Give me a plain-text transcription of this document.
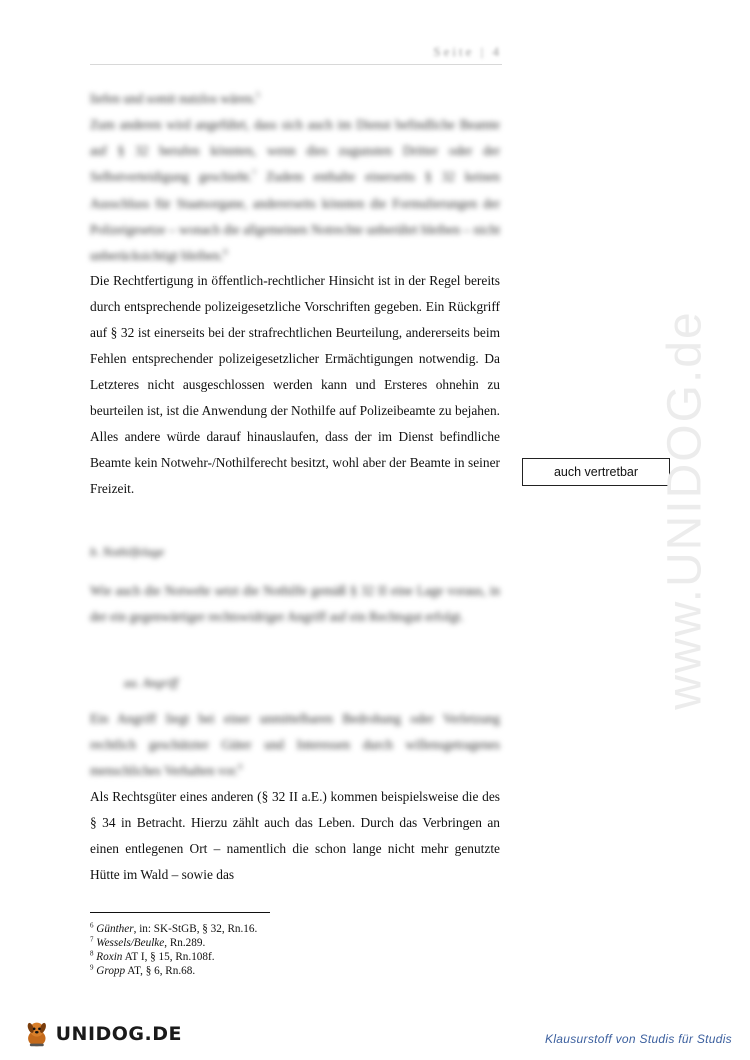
Seite | 4
liefen und somit nutzlos wären.$^5$
Zum anderen wird angeführt, dass sich auch im Dienst befindliche Beamte auf § 32 berufen könnten, wenn dies zugunsten Dritter oder der Selbstverteidigung geschieht.$^7$ Zudem enthalte einerseits § 32 keinen Ausschluss für Staatsorgane, andererseits könnten die Formulierungen der Polizeigesetze – wonach die allgemeinen Notrechte unberührt bleiben – nicht unberücksichtigt bleiben.$^8$
Die Rechtfertigung in öffentlich-rechtlicher Hinsicht ist in der Regel bereits durch entsprechende polizeigesetzliche Vorschriften gegeben. Ein Rückgriff auf § 32 ist einerseits bei der strafrechtlichen Beurteilung, andererseits beim Fehlen entsprechender polizeigesetzlicher Ermächtigungen notwendig. Da Letzteres nicht ausgeschlossen werden kann und Ersteres ohnehin zu beurteilen ist, ist die Anwendung der Nothilfe auf Polizeibeamte zu bejahen. Alles andere würde darauf hinauslaufen, dass der im Dienst befindliche Beamte kein Notwehr-/Nothilferecht besitzt, wohl aber der Beamte in seiner Freizeit.
auch vertretbar
b. Nothilfelage
Wie auch die Notwehr setzt die Nothilfe gemäß § 32 II eine Lage voraus, in der ein gegenwärtiger rechtswidriger Angriff auf ein Rechtsgut erfolgt.
aa. Angriff
Ein Angriff liegt bei einer unmittelbaren Bedrohung oder Verletzung rechtlich geschützter Güter und Interessen durch willensgetragenes menschliches Verhalten vor.$^9$
Als Rechtsgüter eines anderen (§ 32 II a.E.) kommen beispielsweise die des § 34 in Betracht. Hierzu zählt auch das Leben. Durch das Verbringen an einen entlegenen Ort – namentlich die schon lange nicht mehr genutzte Hütte im Wald – sowie das
www.UNIDOG.de
$^6$ Günther, in: SK-StGB, § 32, Rn.16.
$^7$ Wessels/Beulke, Rn.289.
$^8$ Roxin AT I, § 15, Rn.108f.
$^9$ Gropp AT, § 6, Rn.68.
UNIDOG.DE	Klausurstoff von Studis für Studis
